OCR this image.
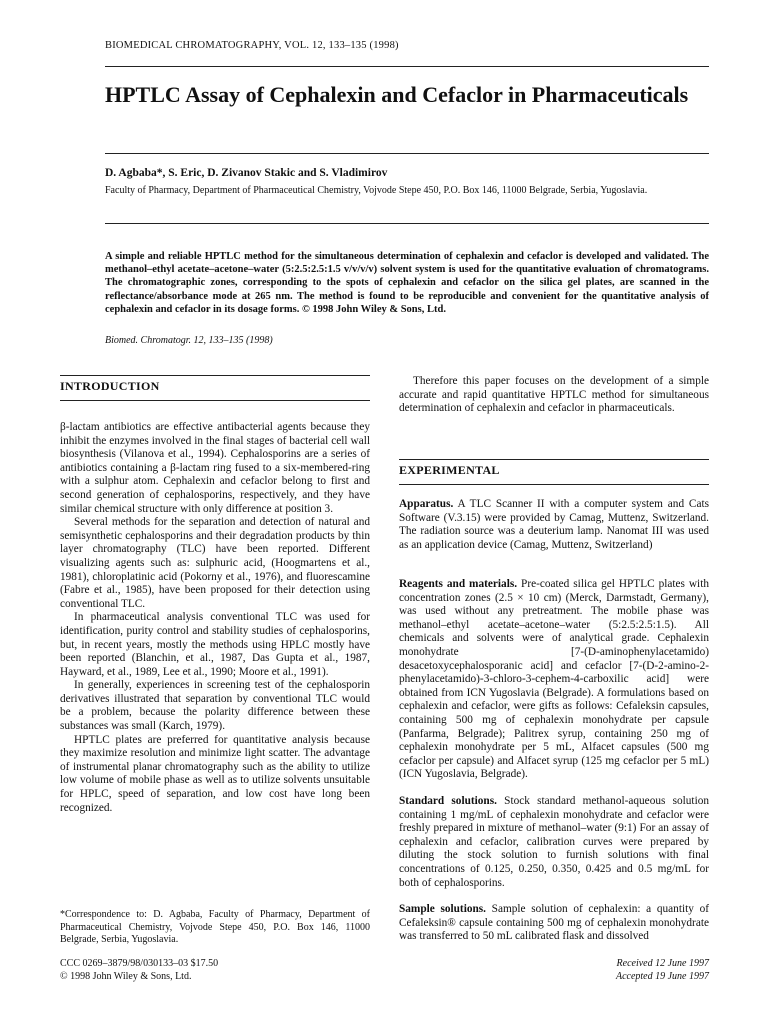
BIOMEDICAL CHROMATOGRAPHY, VOL. 12, 133–135 (1998)
HPTLC Assay of Cephalexin and Cefaclor in Pharmaceuticals
D. Agbaba*, S. Eric, D. Zivanov Stakic and S. Vladimirov
Faculty of Pharmacy, Department of Pharmaceutical Chemistry, Vojvode Stepe 450, P.O. Box 146, 11000 Belgrade, Serbia, Yugoslavia.
A simple and reliable HPTLC method for the simultaneous determination of cephalexin and cefaclor is developed and validated. The methanol–ethyl acetate–acetone–water (5:2.5:2.5:1.5 v/v/v/v) solvent system is used for the quantitative evaluation of chromatograms. The chromatographic zones, corresponding to the spots of cephalexin and cefaclor on the silica gel plates, are scanned in the reflectance/absorbance mode at 265 nm. The method is found to be reproducible and convenient for the quantitative analysis of cephalexin and cefaclor in its dosage forms. © 1998 John Wiley & Sons, Ltd.
Biomed. Chromatogr. 12, 133–135 (1998)
INTRODUCTION

β-lactam antibiotics are effective antibacterial agents because they inhibit the enzymes involved in the final stages of bacterial cell wall biosynthesis (Vilanova et al., 1994). Cephalosporins are a series of antibiotics containing a β-lactam ring fused to a six-membered-ring with a sulphur atom. Cephalexin and cefaclor belong to first and second generation of cephalosporins, respectively, and they have similar chemical structure with only difference at position 3.

Several methods for the separation and detection of natural and semisynthetic cephalosporins and their degradation products by thin layer chromatography (TLC) have been reported. Different visualizing agents such as: sulphuric acid, (Hoogmartens et al., 1981), chloroplatinic acid (Pokorny et al., 1976), and fluorescamine (Fabre et al., 1985), have been proposed for their detection using conventional TLC.

In pharmaceutical analysis conventional TLC was used for identification, purity control and stability studies of cephalosporins, but, in recent years, mostly the methods using HPLC mostly have been reported (Blanchin, et al., 1987, Das Gupta et al., 1987, Hayward, et al., 1989, Lee et al., 1990; Moore et al., 1991).

In generally, experiences in screening test of the cephalosporin derivatives illustrated that separation by conventional TLC would be a problem, because the polarity difference between these substances was small (Karch, 1979).

HPTLC plates are preferred for quantitative analysis because they maximize resolution and minimize light scatter. The advantage of instrumental planar chromatography such as the ability to utilize low volume of mobile phase as well as to utilize solvents unsuitable for HPLC, speed of separation, and low cost have long been recognized.

*Correspondence to: D. Agbaba, Faculty of Pharmacy, Department of Pharmaceutical Chemistry, Vojvode Stepe 450, P.O. Box 146, 11000 Belgrade, Serbia, Yugoslavia.

Therefore this paper focuses on the development of a simple accurate and rapid quantitative HPTLC method for simultaneous determination of cephalexin and cefaclor in pharmaceuticals.

EXPERIMENTAL
Apparatus. A TLC Scanner II with a computer system and Cats Software (V.3.15) were provided by Camag, Muttenz, Switzerland. The radiation source was a deuterium lamp. Nanomat III was used as an application device (Camag, Muttenz, Switzerland)
Reagents and materials. Pre-coated silica gel HPTLC plates with concentration zones (2.5 × 10 cm) (Merck, Darmstadt, Germany), was used without any pretreatment. The mobile phase was methanol–ethyl acetate–acetone–water (5:2.5:2.5:1.5). All chemicals and solvents were of analytical grade. Cephalexin monohydrate [7-(D-aminophenylacetamido) desacetoxycephalosporanic acid] and cefaclor [7-(D-2-amino-2-phenylacetamido)-3-chloro-3-cephem-4-carboxilic acid] were obtained from ICN Yugoslavia (Belgrade). A formulations based on cephalexin and cefaclor, were gifts as follows: Cefaleksin capsules, containing 500 mg of cephalexin monohydrate per capsule (Panfarma, Belgrade); Palitrex syrup, containing 250 mg of cephalexin monohydrate per 5 mL, Alfacet capsules (500 mg cefaclor per capsule) and Alfacet syrup (125 mg cefaclor per 5 mL) (ICN Yugoslavia, Belgrade).
Standard solutions. Stock standard methanol-aqueous solution containing 1 mg/mL of cephalexin monohydrate and cefaclor were freshly prepared in mixture of methanol–water (9:1) For an assay of cephalexin and cefaclor, calibration curves were prepared by diluting the stock solution to furnish solutions with final concentrations of 0.125, 0.250, 0.350, 0.425 and 0.5 mg/mL for both of cephalosporins.
Sample solutions. Sample solution of cephalexin: a quantity of Cefaleksin® capsule containing 500 mg of cephalexin monohydrate was transferred to 50 mL calibrated flask and dissolved
CCC 0269–3879/98/030133–03 $17.50
© 1998 John Wiley & Sons, Ltd.
Received 12 June 1997
Accepted 19 June 1997
